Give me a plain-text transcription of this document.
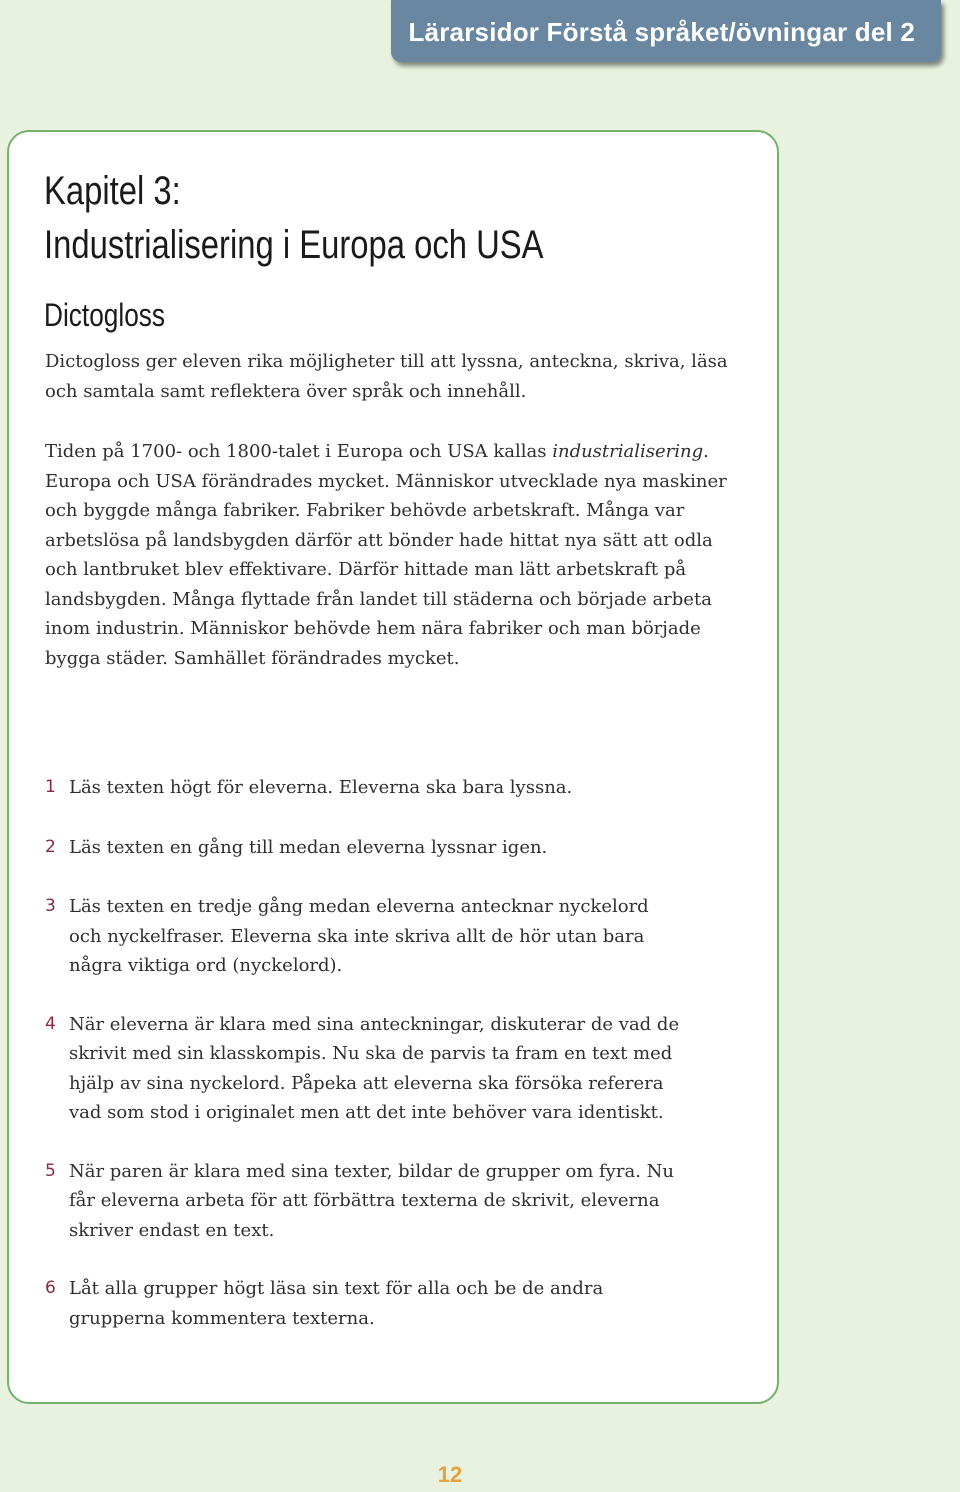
Lärarsidor Förstå språket/övningar del 2
Kapitel 3:
Industrialisering i Europa och USA
Dictogloss

Dictogloss ger eleven rika möjligheter till att lyssna, anteckna, skriva, läsa och samtala samt reflektera över språk och innehåll.

Tiden på 1700- och 1800-talet i Europa och USA kallas industrialisering. Europa och USA förändrades mycket. Människor utvecklade nya maskiner och byggde många fabriker. Fabriker behövde arbetskraft. Många var arbetslösa på landsbygden därför att bönder hade hittat nya sätt att odla och lantbruket blev effektivare. Därför hittade man lätt arbetskraft på landsbygden. Många flyttade från landet till städerna och började arbeta inom industrin. Människor behövde hem nära fabriker och man började bygga städer. Samhället förändrades mycket.

1 Läs texten högt för eleverna. Eleverna ska bara lyssna.
2 Läs texten en gång till medan eleverna lyssnar igen.
3 Läs texten en tredje gång medan eleverna antecknar nyckelord och nyckelfraser. Eleverna ska inte skriva allt de hör utan bara några viktiga ord (nyckelord).
4 När eleverna är klara med sina anteckningar, diskuterar de vad de skrivit med sin klasskompis. Nu ska de parvis ta fram en text med hjälp av sina nyckelord. Påpeka att eleverna ska försöka referera vad som stod i originalet men att det inte behöver vara identiskt.
5 När paren är klara med sina texter, bildar de grupper om fyra. Nu får eleverna arbeta för att förbättra texterna de skrivit, eleverna skriver endast en text.
6 Låt alla grupper högt läsa sin text för alla och be de andra grupperna kommentera texterna.
12
